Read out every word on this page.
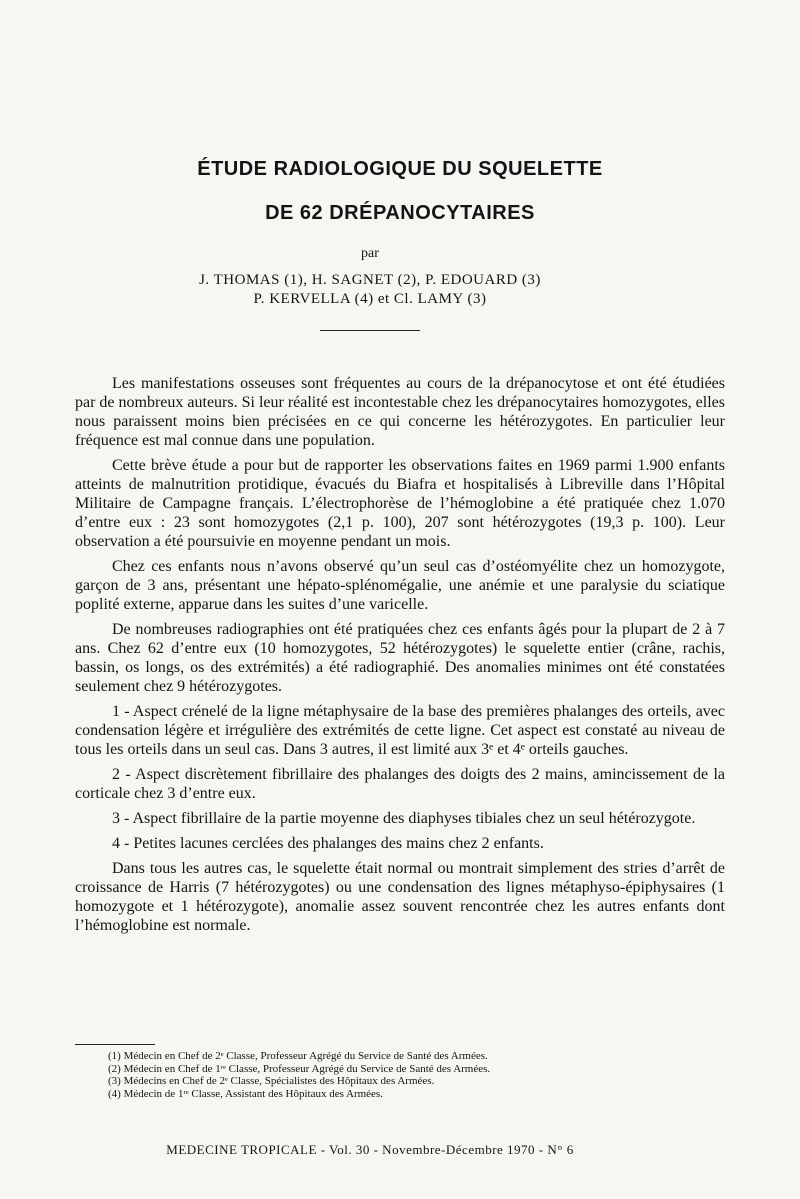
ÉTUDE RADIOLOGIQUE DU SQUELETTE
DE 62 DRÉPANOCYTAIRES
par
J. THOMAS (1), H. SAGNET (2), P. EDOUARD (3)
P. KERVELLA (4) et Cl. LAMY (3)

Les manifestations osseuses sont fréquentes au cours de la drépanocytose et ont été étudiées par de nombreux auteurs. Si leur réalité est incontestable chez les drépanocytaires homozygotes, elles nous paraissent moins bien précisées en ce qui concerne les hétérozygotes. En particulier leur fréquence est mal connue dans une population.

Cette brève étude a pour but de rapporter les observations faites en 1969 parmi 1.900 enfants atteints de malnutrition protidique, évacués du Biafra et hospitalisés à Libreville dans l’Hôpital Militaire de Campagne français. L’électrophorèse de l’hémoglobine a été pratiquée chez 1.070 d’entre eux : 23 sont homozygotes (2,1 p. 100), 207 sont hétérozygotes (19,3 p. 100). Leur observation a été poursuivie en moyenne pendant un mois.

Chez ces enfants nous n’avons observé qu’un seul cas d’ostéomyélite chez un homozygote, garçon de 3 ans, présentant une hépato-splénomégalie, une anémie et une paralysie du sciatique poplité externe, apparue dans les suites d’une varicelle.

De nombreuses radiographies ont été pratiquées chez ces enfants âgés pour la plupart de 2 à 7 ans. Chez 62 d’entre eux (10 homozygotes, 52 hétérozygotes) le squelette entier (crâne, rachis, bassin, os longs, os des extrémités) a été radiographié. Des anomalies minimes ont été constatées seulement chez 9 hétérozygotes.

1 - Aspect crénelé de la ligne métaphysaire de la base des premières phalanges des orteils, avec condensation légère et irrégulière des extrémités de cette ligne. Cet aspect est constaté au niveau de tous les orteils dans un seul cas. Dans 3 autres, il est limité aux 3ᵉ et 4ᵉ orteils gauches.

2 - Aspect discrètement fibrillaire des phalanges des doigts des 2 mains, amincissement de la corticale chez 3 d’entre eux.

3 - Aspect fibrillaire de la partie moyenne des diaphyses tibiales chez un seul hétérozygote.

4 - Petites lacunes cerclées des phalanges des mains chez 2 enfants.

Dans tous les autres cas, le squelette était normal ou montrait simplement des stries d’arrêt de croissance de Harris (7 hétérozygotes) ou une condensation des lignes métaphyso-épiphysaires (1 homozygote et 1 hétérozygote), anomalie assez souvent rencontrée chez les autres enfants dont l’hémoglobine est normale.

(1) Médecin en Chef de 2ᵉ Classe, Professeur Agrégé du Service de Santé des Armées.
(2) Médecin en Chef de 1ʳᵉ Classe, Professeur Agrégé du Service de Santé des Armées.
(3) Médecins en Chef de 2ᵉ Classe, Spécialistes des Hôpitaux des Armées.
(4) Médecin de 1ʳᵉ Classe, Assistant des Hôpitaux des Armées.
MEDECINE TROPICALE - Vol. 30 - Novembre-Décembre 1970 - N° 6
